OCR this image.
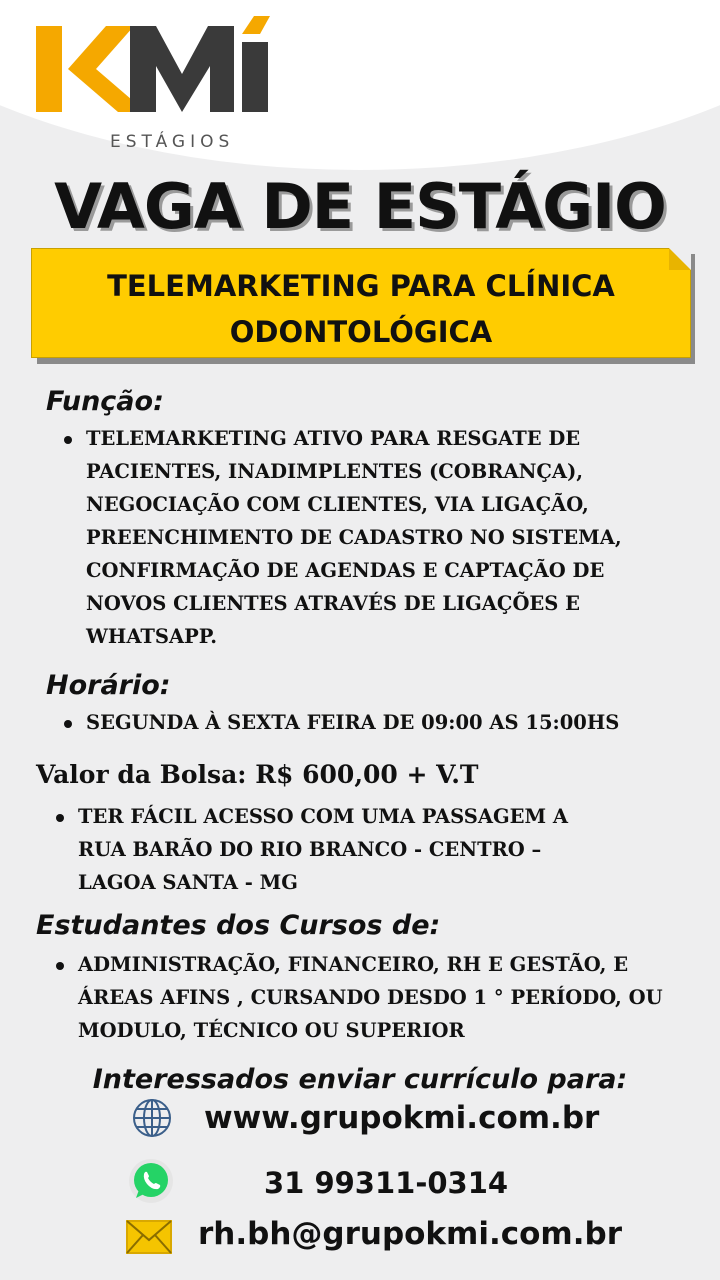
ESTÁGIOS
VAGA DE ESTÁGIO
TELEMARKETING PARA CLÍNICA
ODONTOLÓGICA
Função:
TELEMARKETING ATIVO PARA RESGATE DE PACIENTES, INADIMPLENTES (COBRANÇA), NEGOCIAÇÃO COM CLIENTES, VIA LIGAÇÃO, PREENCHIMENTO DE CADASTRO NO SISTEMA, CONFIRMAÇÃO DE AGENDAS E CAPTAÇÃO DE NOVOS CLIENTES ATRAVÉS DE LIGAÇÕES E WHATSAPP.
Horário:
SEGUNDA À SEXTA FEIRA DE 09:00 AS 15:00HS
Valor da Bolsa: R$ 600,00 + V.T
TER FÁCIL ACESSO COM UMA PASSAGEM A RUA BARÃO DO RIO BRANCO - CENTRO – LAGOA SANTA - MG
Estudantes dos Cursos de:
ADMINISTRAÇÃO, FINANCEIRO, RH E GESTÃO, E ÁREAS AFINS , CURSANDO DESDO 1 ° PERÍODO, OU MODULO, TÉCNICO OU SUPERIOR
Interessados enviar currículo para:
www.grupokmi.com.br
31 99311-0314
rh.bh@grupokmi.com.br
